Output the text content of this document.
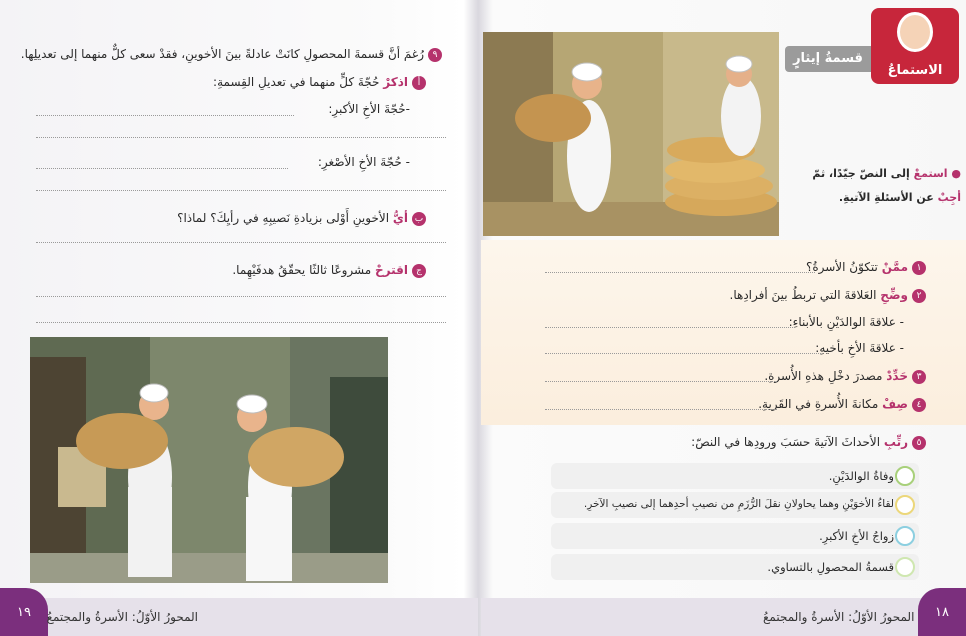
٩رُغمَ أنَّ قسمةَ المحصولِ كانَتْ عادلةً بينَ الأخوينِ، فقدْ سعى كلٌّ منهما إلى تعديلِها.
أاذكرْ حُجّةَ كلٍّ منهما في تعديلِ القِسمةِ:
-حُجّةَ الأخِ الأكبرِ:
- حُجّةَ الأخِ الأصْغرِ:
بأيُّ الأخوينِ أَوْلى بزيادةِ نَصيبِهِ في رأيِكَ؟ لماذا؟
جاقترحْ مشروعًا ثالثًا يحقّقُ هدفَيْهِما.
١٩	المحورُ الأوّلُ: الأسرةُ والمجتمعُ
الاستماعُ
قسمةُ إيثارٍ
● استمعْ إلى النصّ جيّدًا، ثمّ
أجِبْ عن الأسئلةِ الآتيةِ.
١ممَّنْ تتكوّنُ الأسرةُ؟
٢وضِّحِ العَلاقةَ التي تربطُ بينَ أفرادِها.
- علاقةَ الوالدَيْنِ بالأبناءِ:
- علاقةَ الأخِ بأخيهِ:
٣حَدِّدْ مصدرَ دخْلِ هذهِ الأُسرةِ.
٤صِفْ مكانةَ الأُسرةِ في القَريةِ.
٥رتِّبِ الأحداثَ الآتيةَ حسَبَ ورودِها في النصّ:
وفاةُ الوالدَيْنِ.
لقاءُ الأخوَيْنِ وهما يحاولانِ نقلَ الرُّزَمِ من نصيبِ أحدِهما إلى نصيبِ الآخرِ.
زواجُ الأخِ الأكبرِ.
قسمةُ المحصولِ بالتساوي.
١٨
المحورُ الأوّلُ: الأسرةُ والمجتمعُ
